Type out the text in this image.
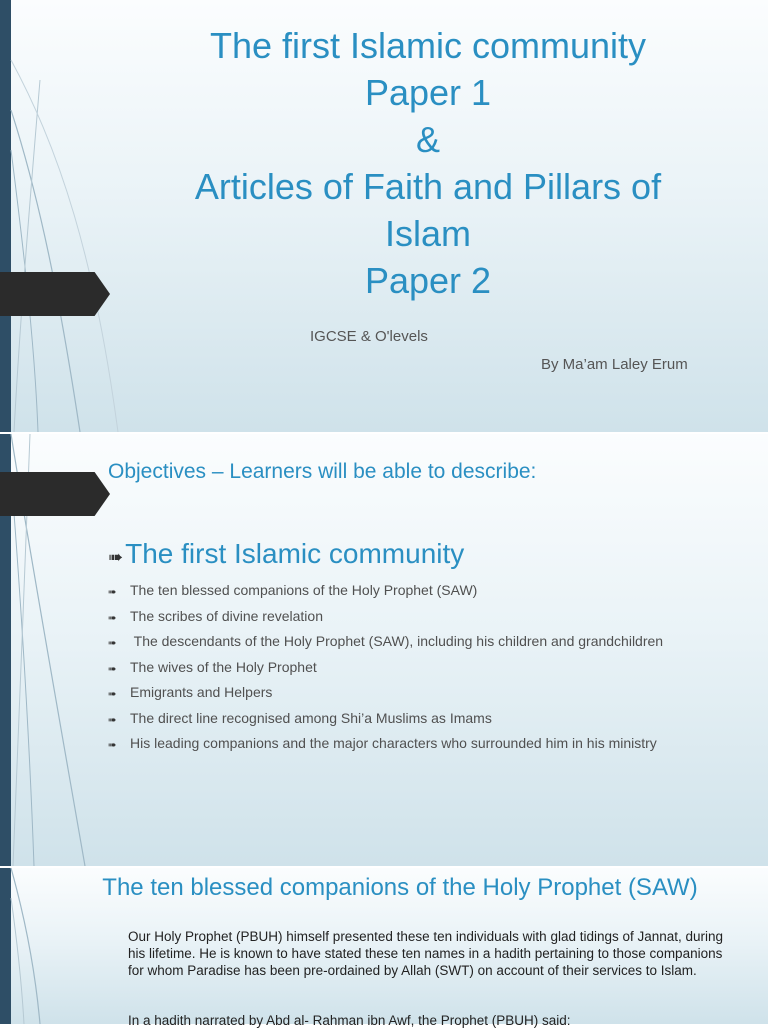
The first Islamic community
Paper 1
&
Articles of Faith and Pillars of
Islam
Paper 2
IGCSE & O'levels
By Ma’am Laley Erum
Objectives – Learners will be able to describe:
➠The first Islamic community
➠ The ten blessed companions of the Holy Prophet (SAW)
➠ The scribes of divine revelation
➠ The descendants of the Holy Prophet (SAW), including his children and grandchildren
➠ The wives of the Holy Prophet
➠ Emigrants and Helpers
➠ The direct line recognised among Shi’a Muslims as Imams
➠ His leading companions and the major characters who surrounded him in his ministry
The ten blessed companions of the Holy Prophet (SAW)

Our Holy Prophet (PBUH) himself presented these ten individuals with glad tidings of Jannat, during his lifetime. He is known to have stated these ten names in a hadith pertaining to those companions for whom Paradise has been pre-ordained by Allah (SWT) on account of their services to Islam.

In a hadith narrated by Abd al- Rahman ibn Awf, the Prophet (PBUH) said:
